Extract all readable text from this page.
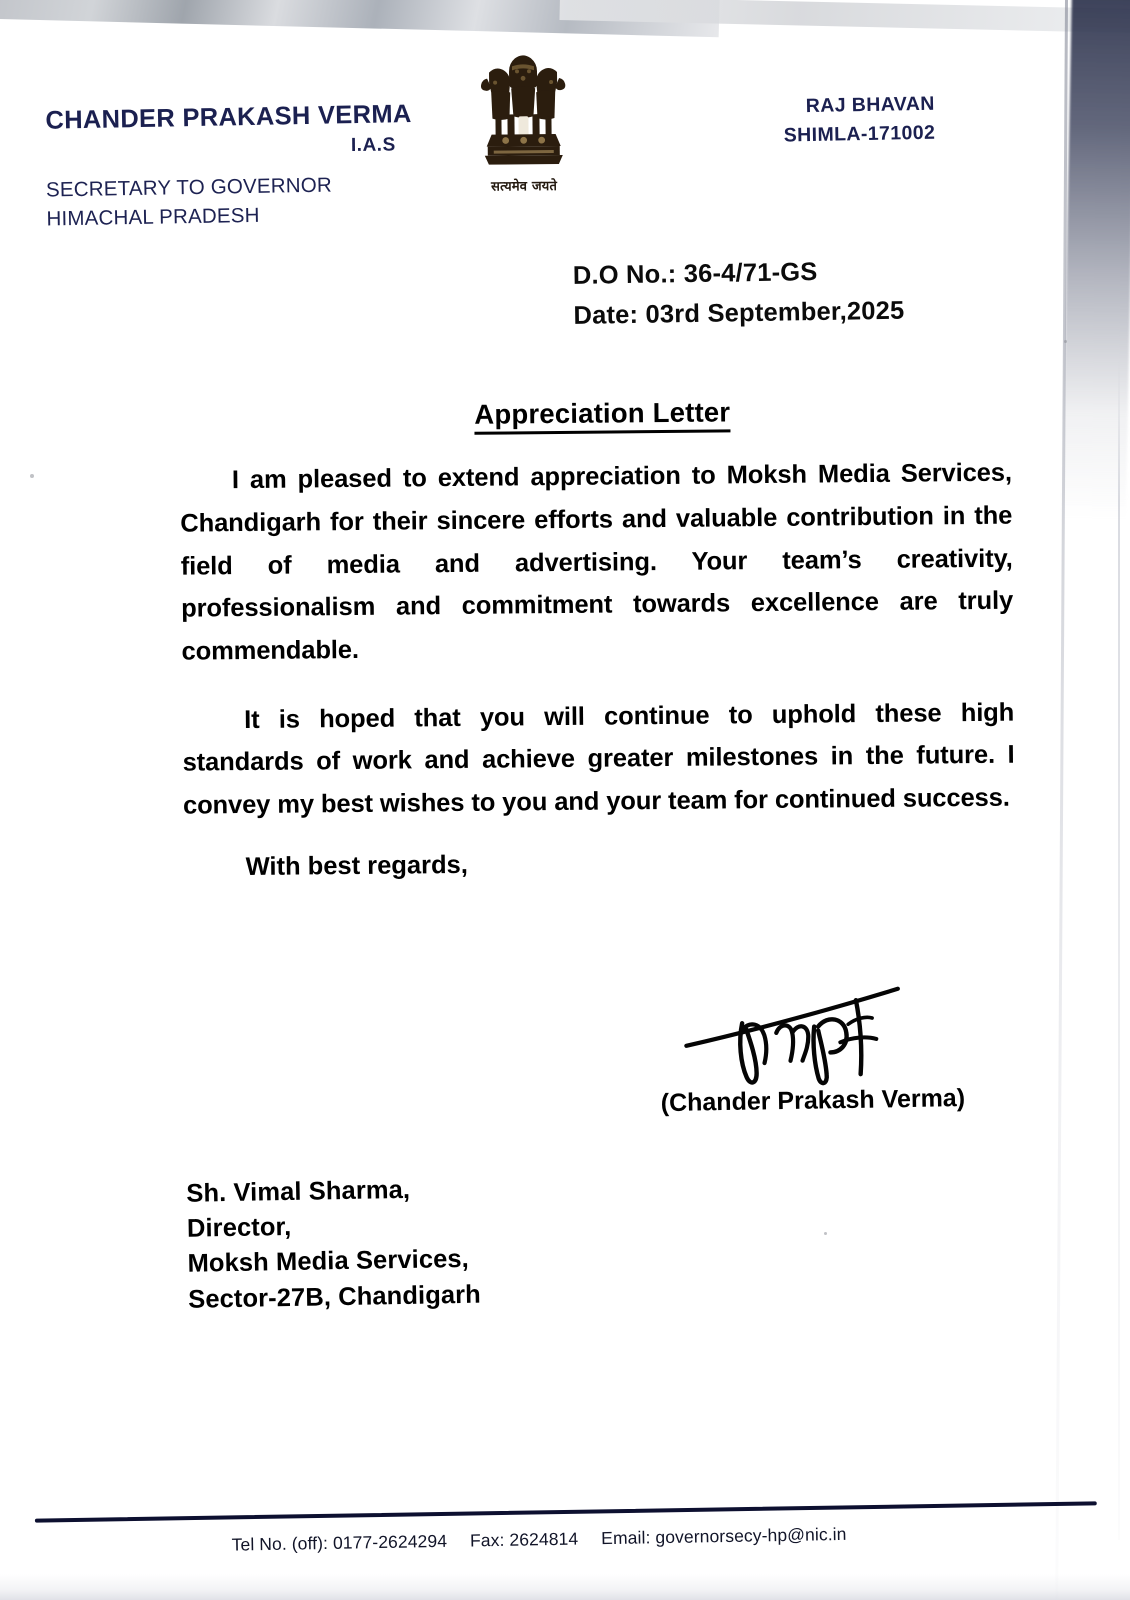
CHANDER PRAKASH VERMA
I.A.S
SECRETARY TO GOVERNOR
HIMACHAL PRADESH
RAJ BHAVAN
SHIMLA-171002
सत्यमेव जयते
D.O No.: 36-4/71-GS
Date: 03rd September,2025
Appreciation Letter

I am pleased to extend appreciation to Moksh Media Services, Chandigarh for their sincere efforts and valuable contribution in the field of media and advertising. Your team’s creativity, professionalism and commitment towards excellence are truly commendable.

It is hoped that you will continue to uphold these high standards of work and achieve greater milestones in the future. I convey my best wishes to you and your team for continued success.

With best regards,
(Chander Prakash Verma)
Sh. Vimal Sharma,
Director,
Moksh Media Services,
Sector-27B, Chandigarh
Tel No. (off): 0177-2624294 Fax: 2624814 Email: governorsecy-hp@nic.in
